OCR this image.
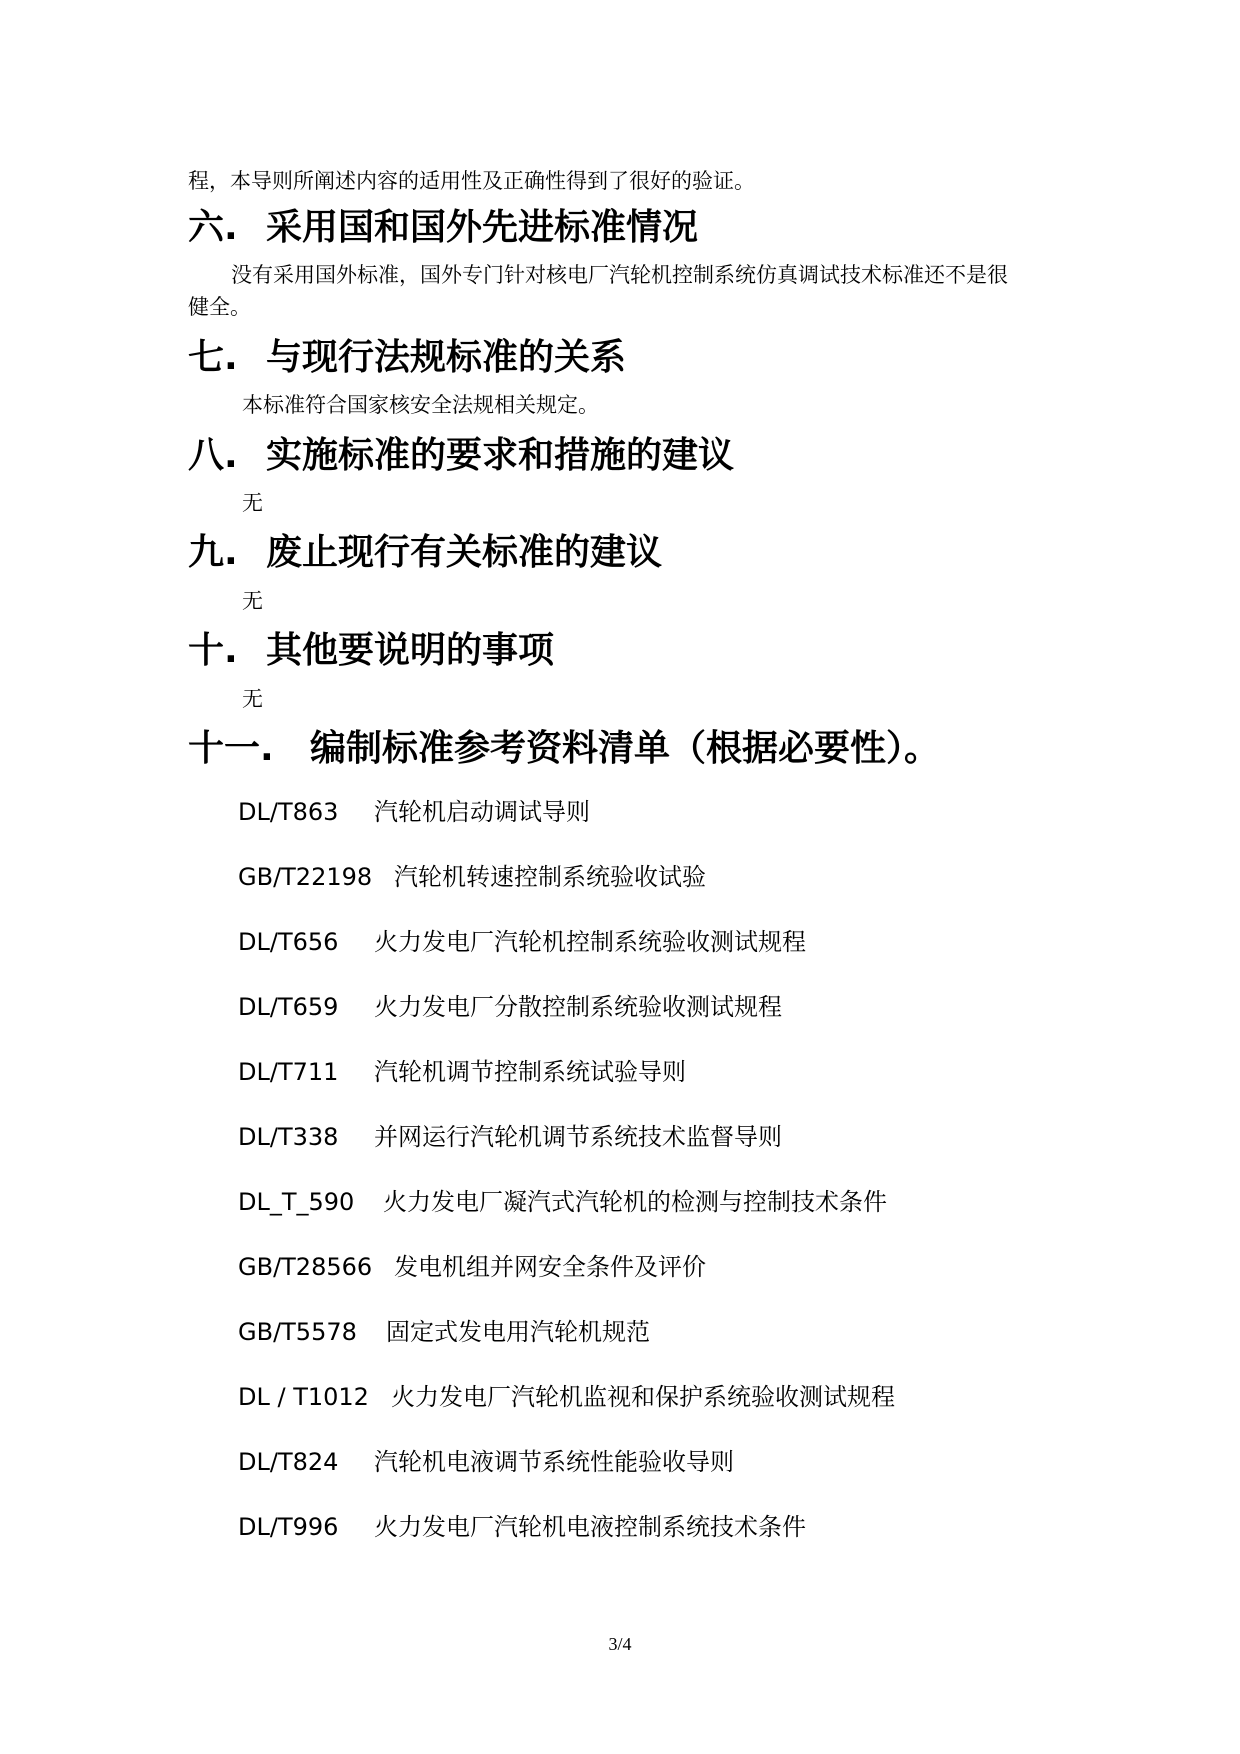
程，本导则所阐述内容的适用性及正确性得到了很好的验证。
六. 采用国和国外先进标准情况
没有采用国外标准，国外专门针对核电厂汽轮机控制系统仿真调试技术标准还不是很
健全。
七. 与现行法规标准的关系
本标准符合国家核安全法规相关规定。
八. 实施标准的要求和措施的建议
无
九. 废止现行有关标准的建议
无
十. 其他要说明的事项
无
十一. 编制标准参考资料清单（根据必要性）。
DL/T863 汽轮机启动调试导则
GB/T22198 汽轮机转速控制系统验收试验
DL/T656 火力发电厂汽轮机控制系统验收测试规程
DL/T659 火力发电厂分散控制系统验收测试规程
DL/T711 汽轮机调节控制系统试验导则
DL/T338 并网运行汽轮机调节系统技术监督导则
DL_T_590 火力发电厂凝汽式汽轮机的检测与控制技术条件
GB/T28566 发电机组并网安全条件及评价
GB/T5578 固定式发电用汽轮机规范
DL / T1012 火力发电厂汽轮机监视和保护系统验收测试规程
DL/T824 汽轮机电液调节系统性能验收导则
DL/T996 火力发电厂汽轮机电液控制系统技术条件
3/4
